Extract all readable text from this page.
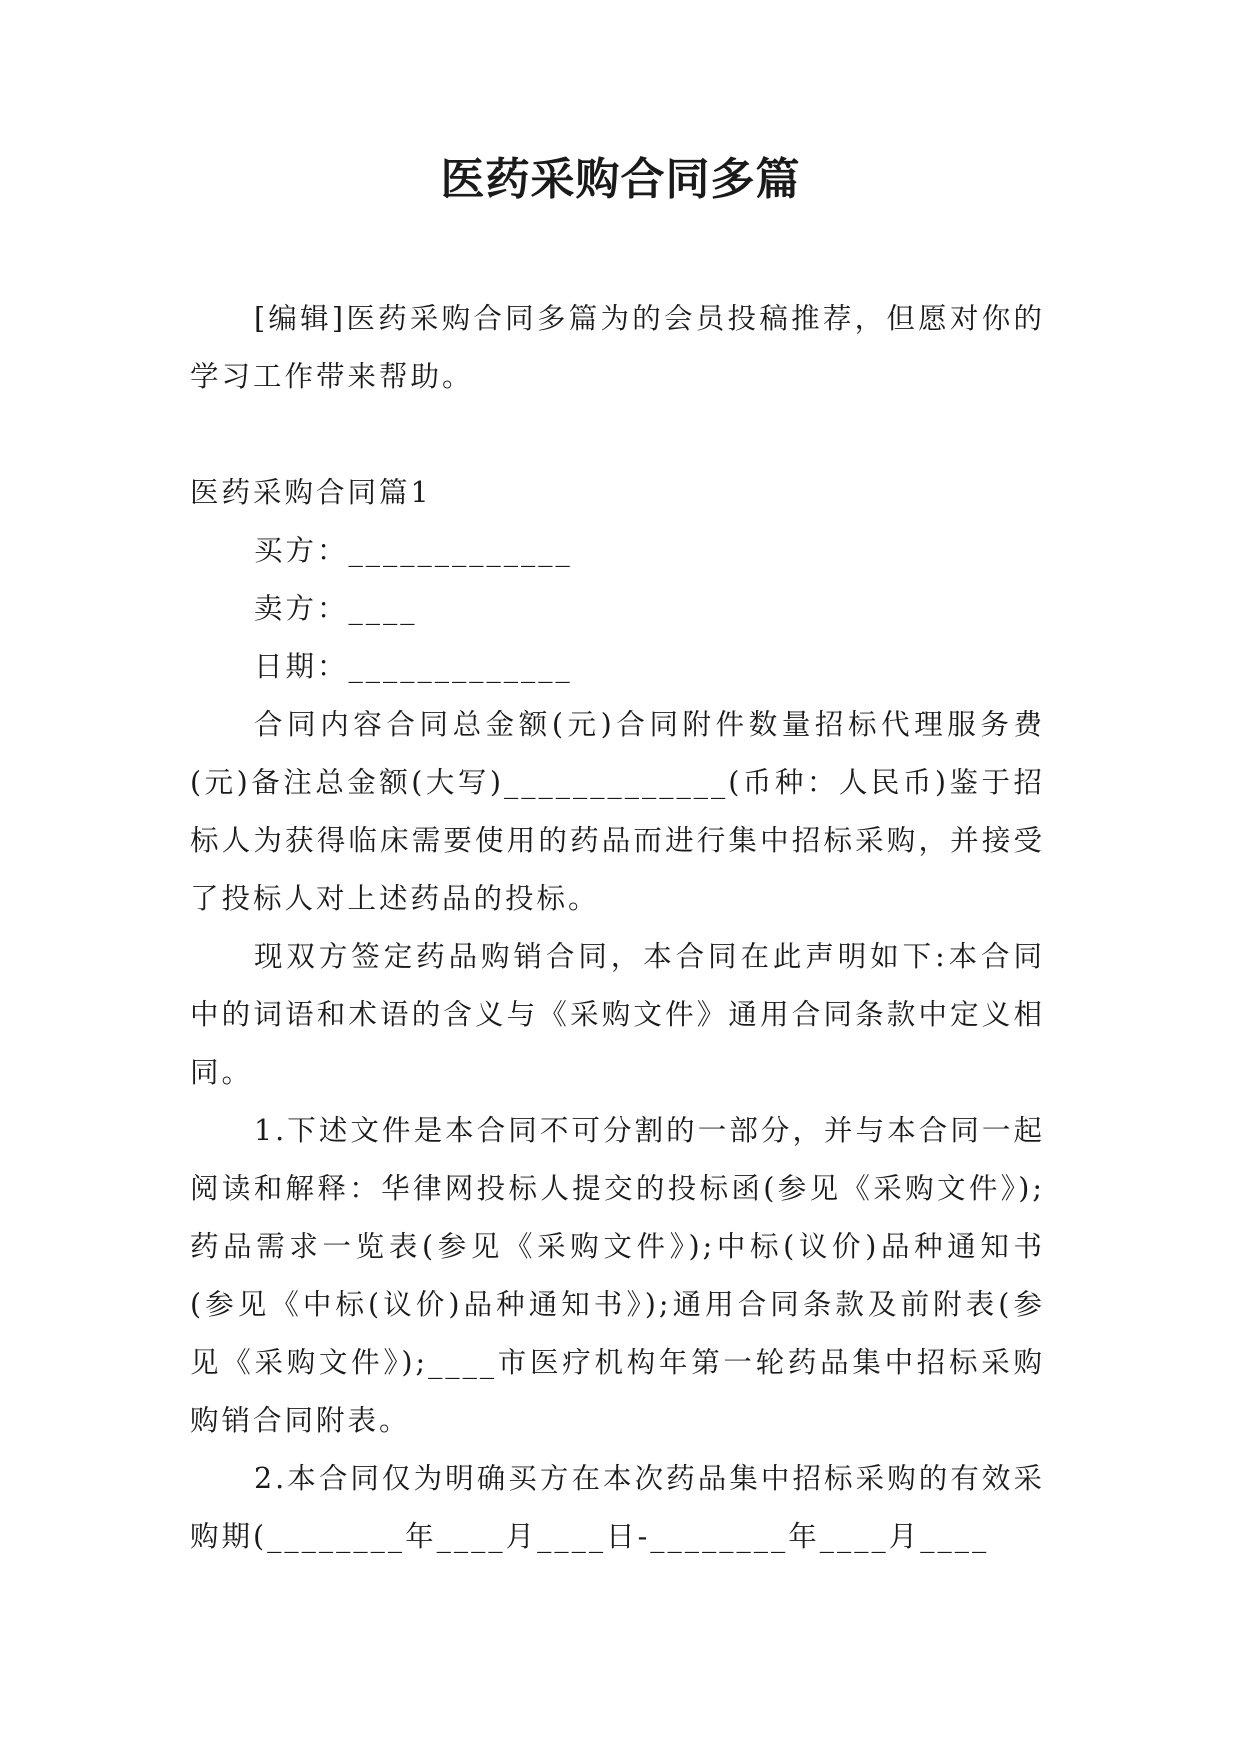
医药采购合同多篇

[编辑]医药采购合同多篇为的会员投稿推荐，但愿对你的学习工作带来帮助。

医药采购合同篇1

买方：_____________

卖方：____

日期：_____________

合同内容合同总金额(元)合同附件数量招标代理服务费(元)备注总金额(大写)_____________(币种：人民币)鉴于招标人为获得临床需要使用的药品而进行集中招标采购，并接受了投标人对上述药品的投标。

现双方签定药品购销合同，本合同在此声明如下:本合同中的词语和术语的含义与《采购文件》通用合同条款中定义相同。

1.下述文件是本合同不可分割的一部分，并与本合同一起阅读和解释：华律网投标人提交的投标函(参见《采购文件》);药品需求一览表(参见《采购文件》);中标(议价)品种通知书(参见《中标(议价)品种通知书》);通用合同条款及前附表(参见《采购文件》);____市医疗机构年第一轮药品集中招标采购购销合同附表。

2.本合同仅为明确买方在本次药品集中招标采购的有效采购期(________年____月____日-________年____月____
